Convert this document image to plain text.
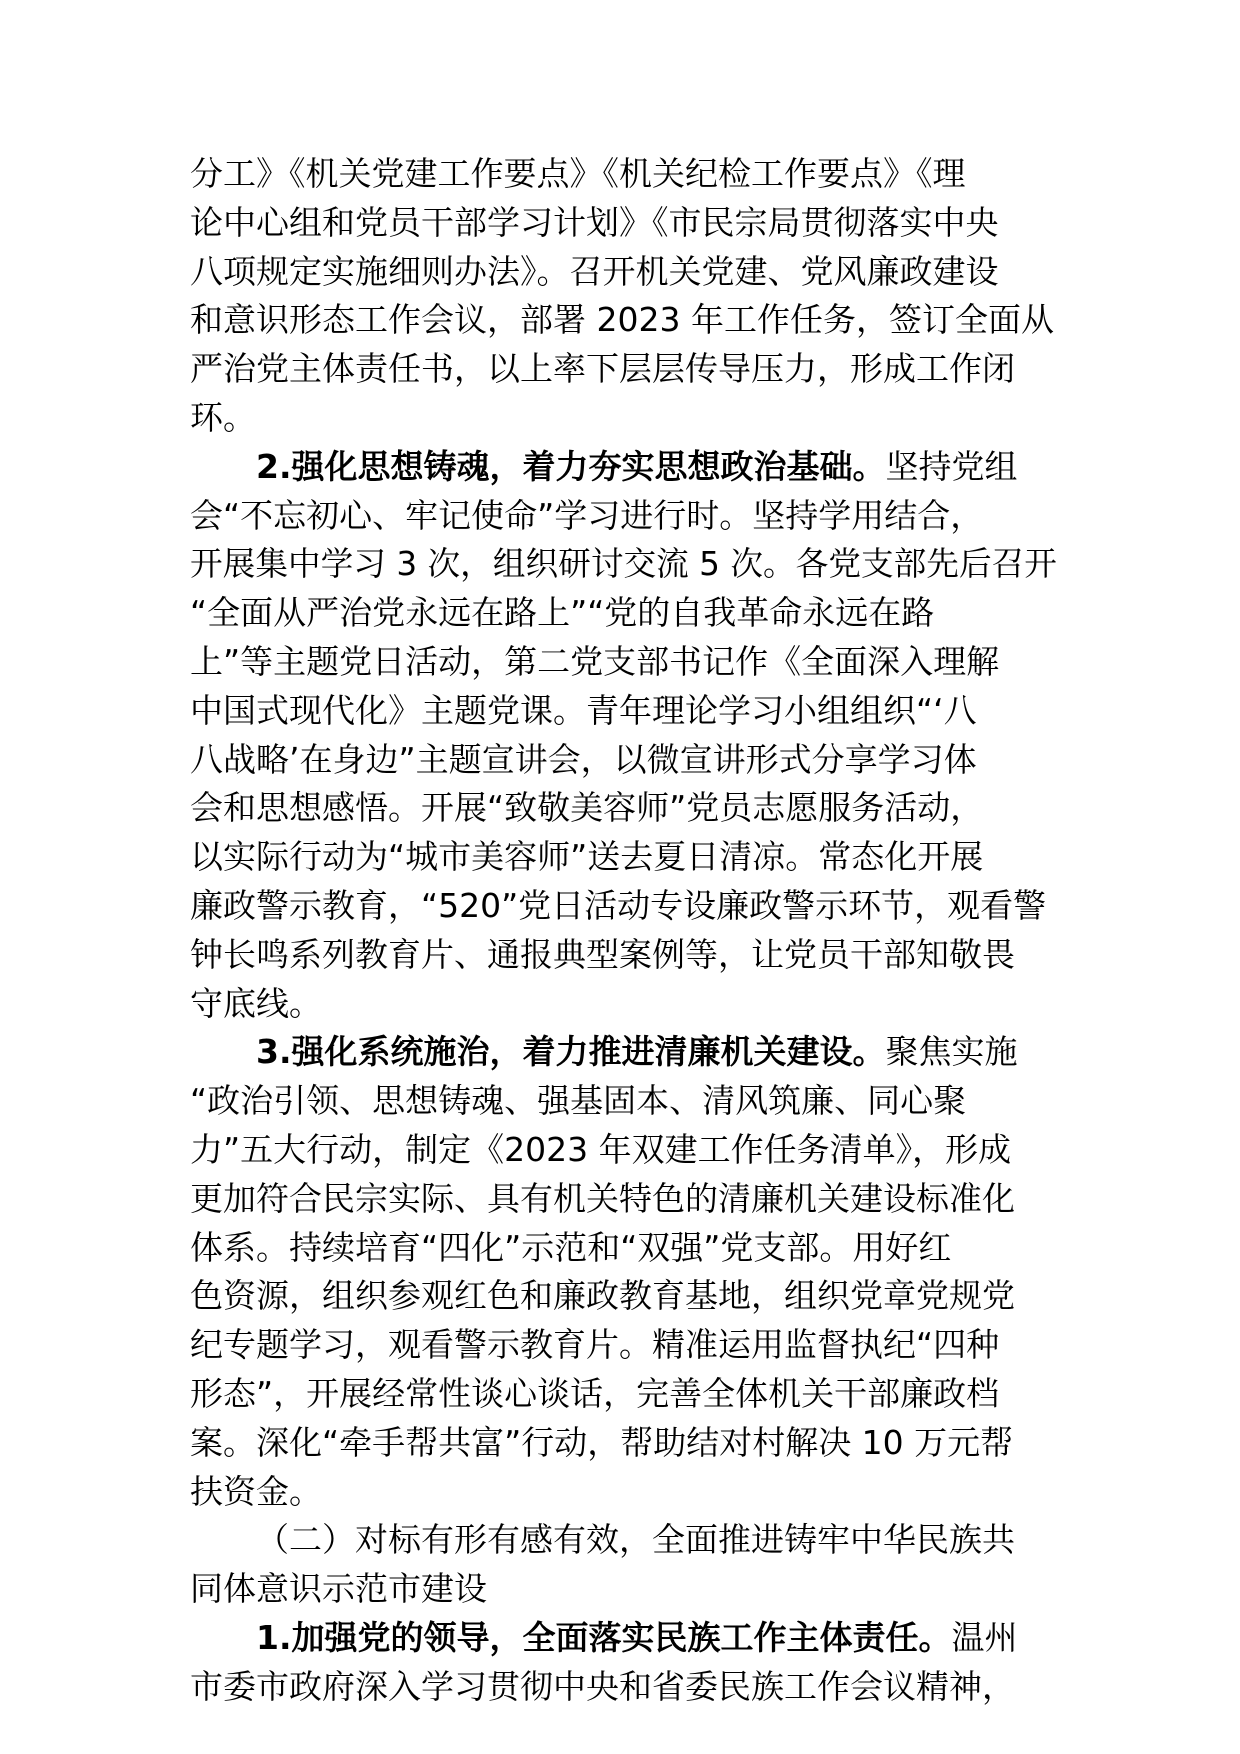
分工》《机关党建工作要点》《机关纪检工作要点》《理
论中心组和党员干部学习计划》《市民宗局贯彻落实中央
八项规定实施细则办法》。召开机关党建、党风廉政建设
和意识形态工作会议，部署 2023 年工作任务，签订全面从
严治党主体责任书，以上率下层层传导压力，形成工作闭
环。
2.强化思想铸魂，着力夯实思想政治基础。坚持党组
会“不忘初心、牢记使命”学习进行时。坚持学用结合，
开展集中学习 3 次，组织研讨交流 5 次。各党支部先后召开
“全面从严治党永远在路上”“党的自我革命永远在路
上”等主题党日活动，第二党支部书记作《全面深入理解
中国式现代化》主题党课。青年理论学习小组组织“‘八
八战略’在身边”主题宣讲会，以微宣讲形式分享学习体
会和思想感悟。开展“致敬美容师”党员志愿服务活动，
以实际行动为“城市美容师”送去夏日清凉。常态化开展
廉政警示教育，“520”党日活动专设廉政警示环节，观看警
钟长鸣系列教育片、通报典型案例等，让党员干部知敬畏
守底线。
3.强化系统施治，着力推进清廉机关建设。聚焦实施
“政治引领、思想铸魂、强基固本、清风筑廉、同心聚
力”五大行动，制定《2023 年双建工作任务清单》，形成
更加符合民宗实际、具有机关特色的清廉机关建设标准化
体系。持续培育“四化”示范和“双强”党支部。用好红
色资源，组织参观红色和廉政教育基地，组织党章党规党
纪专题学习，观看警示教育片。精准运用监督执纪“四种
形态”，开展经常性谈心谈话，完善全体机关干部廉政档
案。深化“牵手帮共富”行动，帮助结对村解决 10 万元帮
扶资金。
（二）对标有形有感有效，全面推进铸牢中华民族共
同体意识示范市建设
1.加强党的领导，全面落实民族工作主体责任。温州
市委市政府深入学习贯彻中央和省委民族工作会议精神，
